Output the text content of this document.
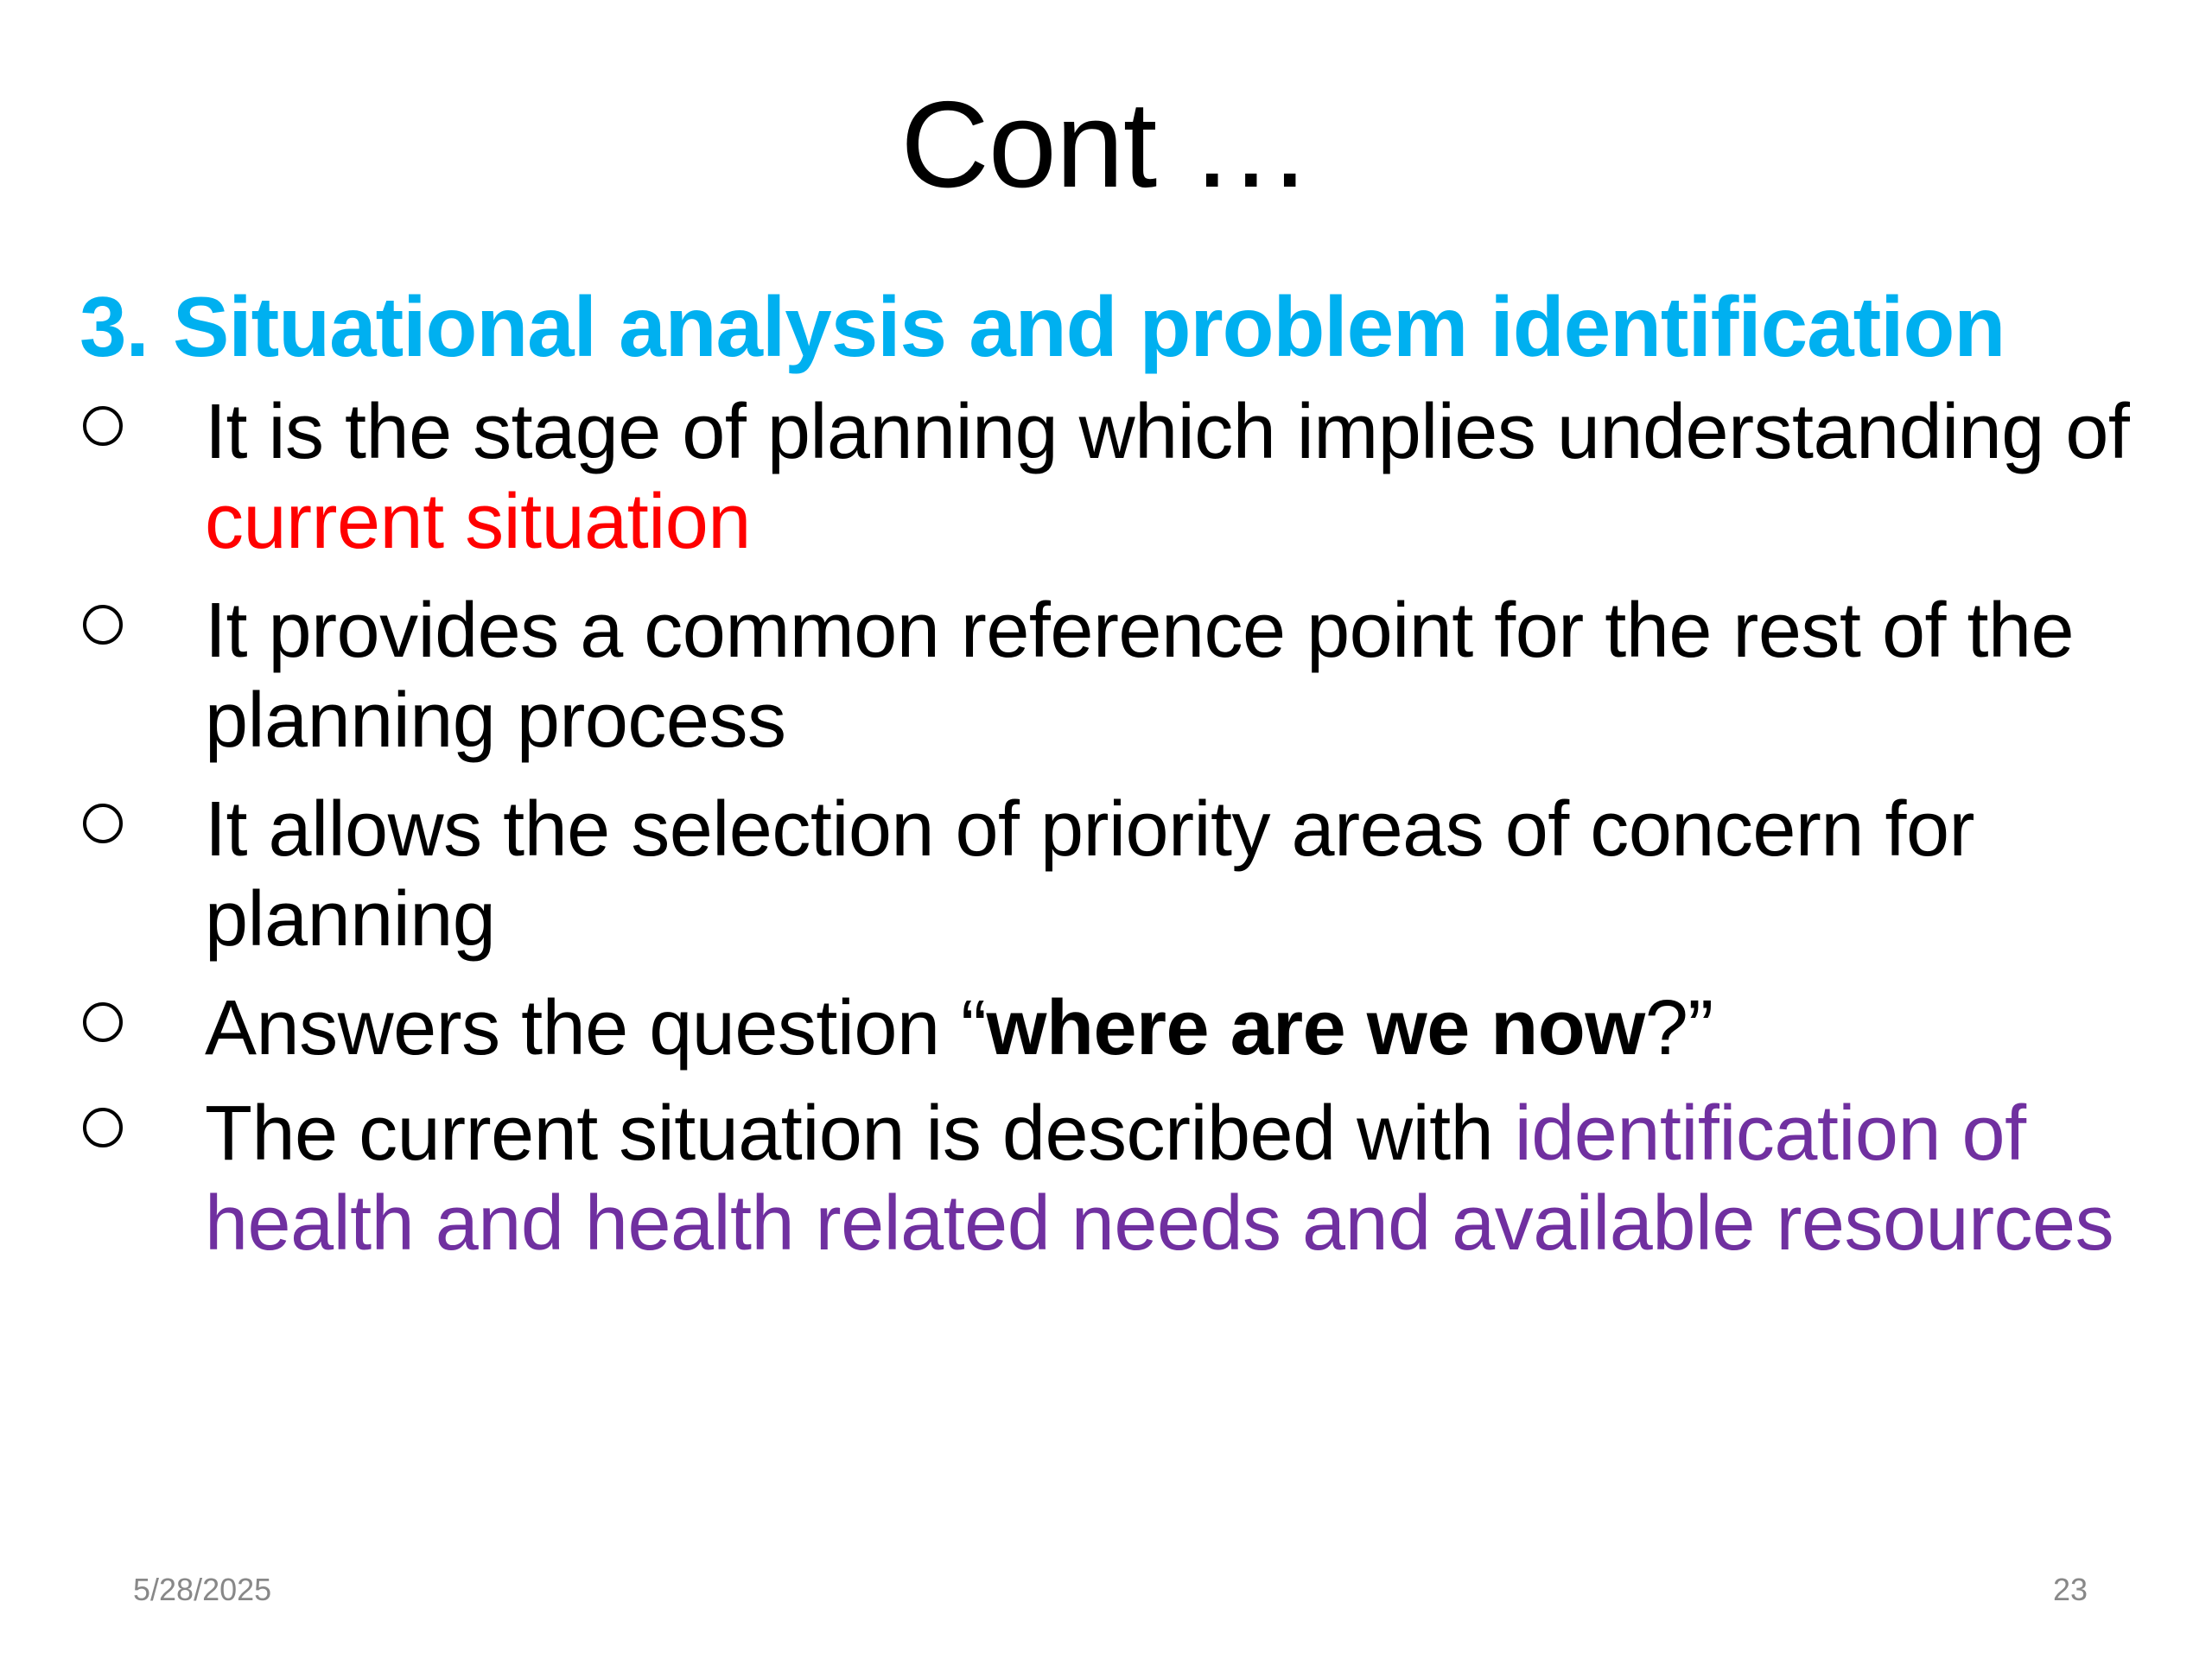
Cont …
3. Situational analysis and problem identification
It is the stage of planning which implies understanding of current situation
It provides a common reference point for the rest of the planning process
It allows the selection of priority areas of concern for planning
Answers the question “where are we now?”
The current situation is described with identification of health and health related needs and available resources
5/28/2025	23
